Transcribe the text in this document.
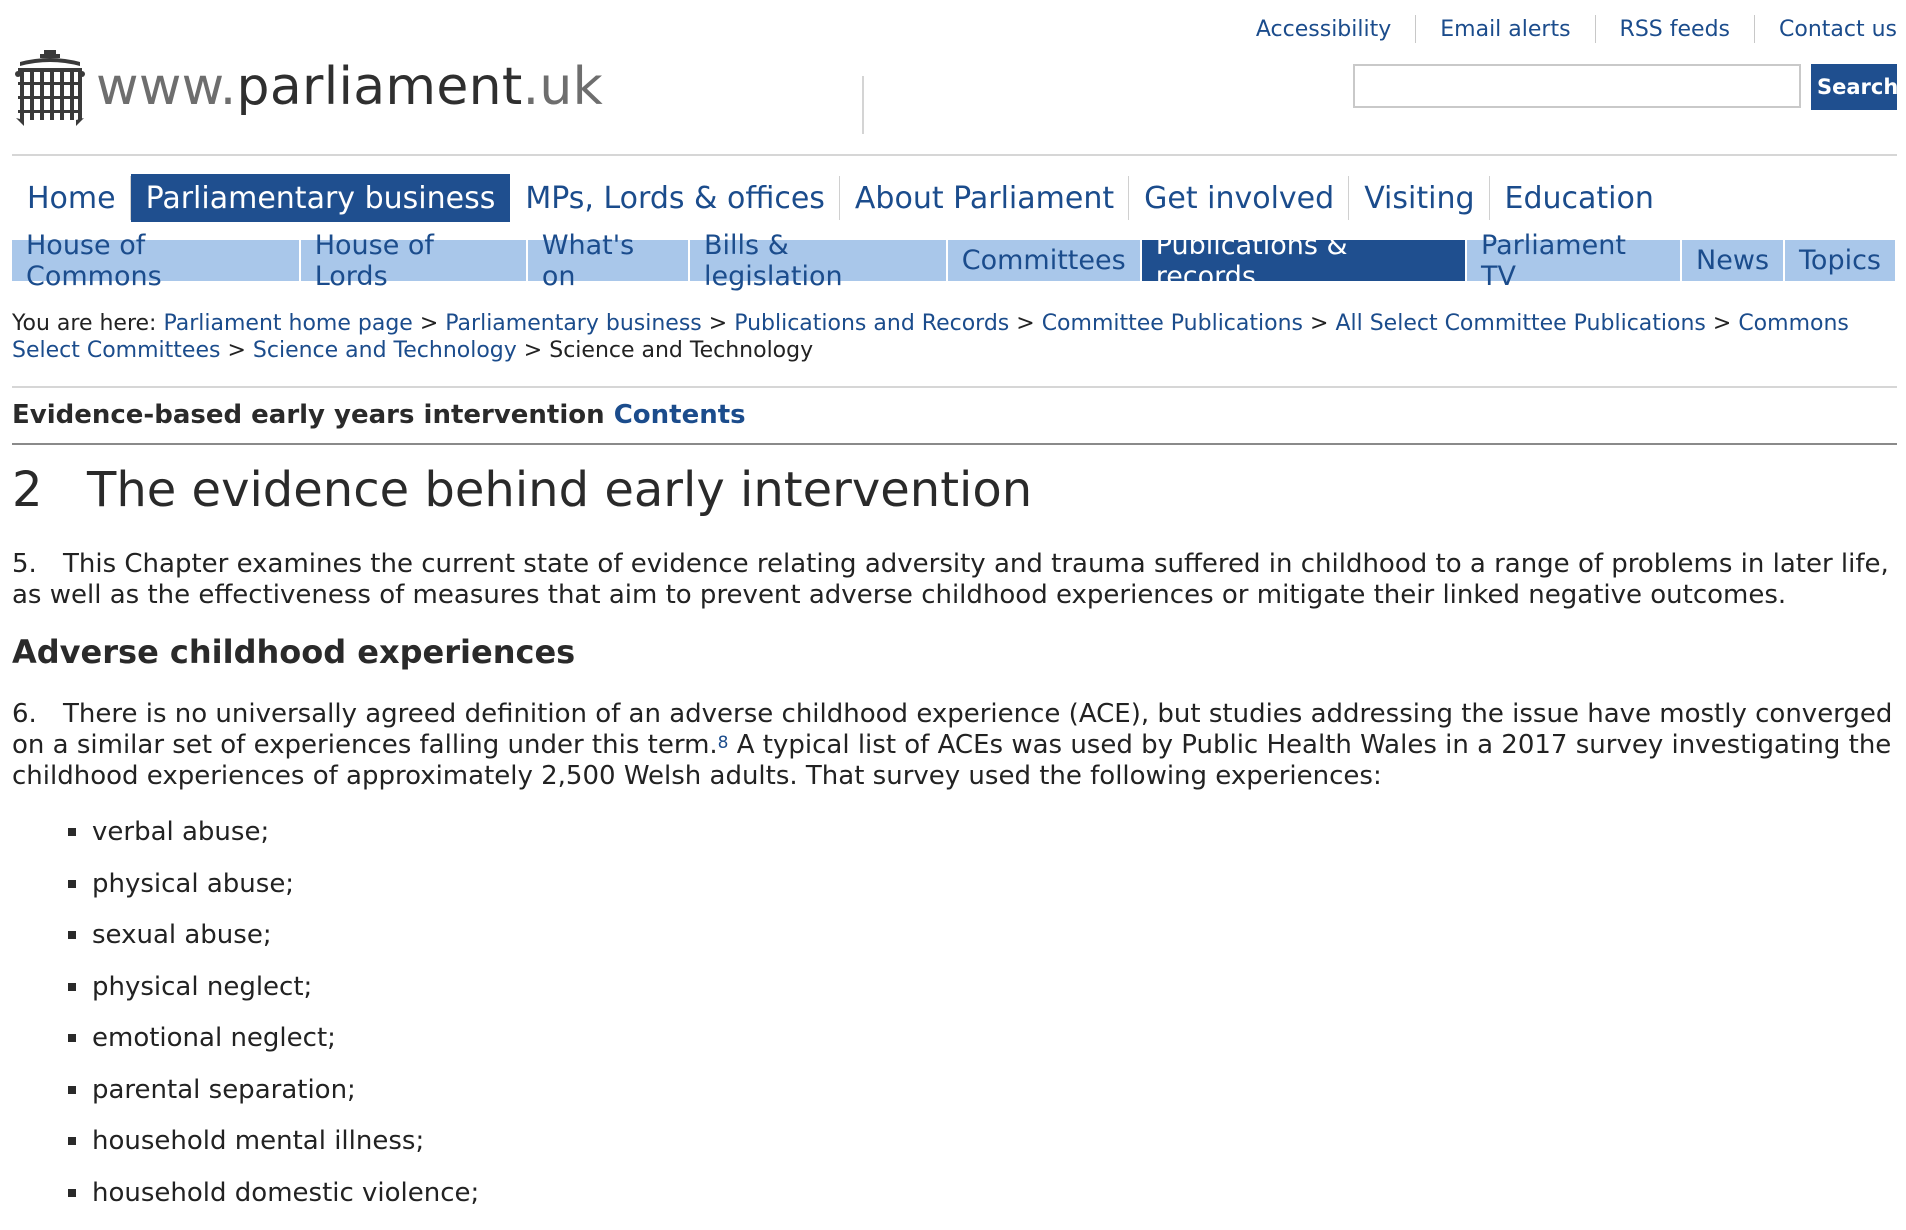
Accessibility	Email alerts	RSS feeds	Contact us
www.parliament.uk	Search
Home	Parliamentary business	MPs, Lords & offices	About Parliament	Get involved	Visiting	Education
House of Commons
House of Lords
What's on
Bills & legislation	Committees	Publications & records
Parliament TV	News	Topics
You are here: Parliament home page > Parliamentary business > Publications and Records > Committee Publications > All Select Committee Publications > Commons Select Committees > Science and Technology > Science and Technology
Evidence-based early years intervention Contents
2 The evidence behind early intervention

5. This Chapter examines the current state of evidence relating adversity and trauma suffered in childhood to a range of problems in later life, as well as the effectiveness of measures that aim to prevent adverse childhood experiences or mitigate their linked negative outcomes.

Adverse childhood experiences

6. There is no universally agreed definition of an adverse childhood experience (ACE), but studies addressing the issue have mostly converged on a similar set of experiences falling under this term.$^8$ A typical list of ACEs was used by Public Health Wales in a 2017 survey investigating the childhood experiences of approximately 2,500 Welsh adults. That survey used the following experiences:

verbal abuse;
physical abuse;
sexual abuse;
physical neglect;
emotional neglect;
parental separation;
household mental illness;
household domestic violence;
